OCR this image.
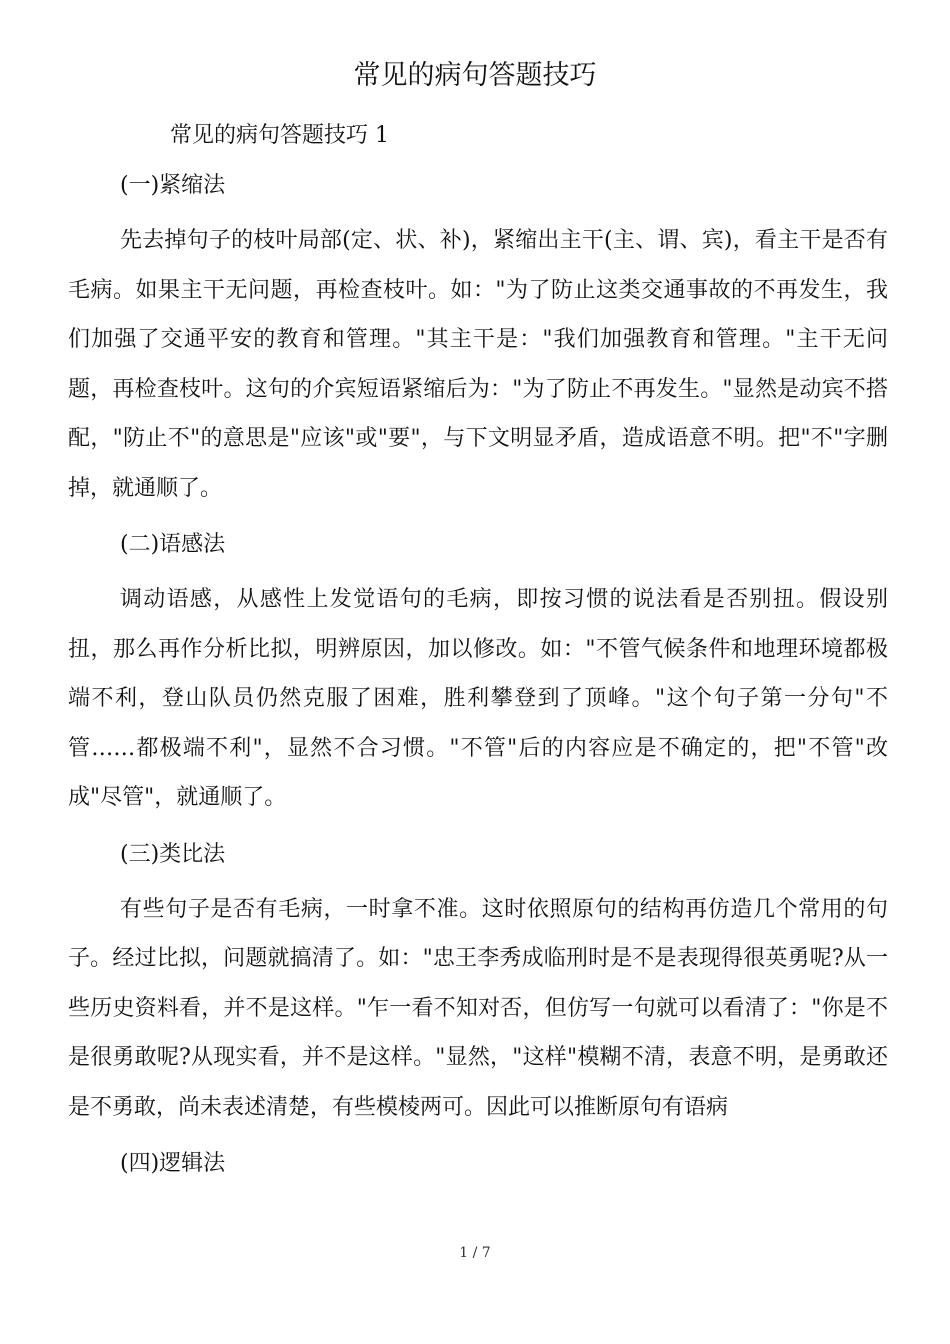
常见的病句答题技巧
常见的病句答题技巧 1
(一)紧缩法

先去掉句子的枝叶局部(定、状、补)，紧缩出主干(主、谓、宾)，看主干是否有毛病。如果主干无问题，再检查枝叶。如："为了防止这类交通事故的不再发生，我们加强了交通平安的教育和管理。"其主干是："我们加强教育和管理。"主干无问题，再检查枝叶。这句的介宾短语紧缩后为："为了防止不再发生。"显然是动宾不搭配，"防止不"的意思是"应该"或"要"，与下文明显矛盾，造成语意不明。把"不"字删掉，就通顺了。

(二)语感法

调动语感，从感性上发觉语句的毛病，即按习惯的说法看是否别扭。假设别扭，那么再作分析比拟，明辨原因，加以修改。如："不管气候条件和地理环境都极端不利，登山队员仍然克服了困难，胜利攀登到了顶峰。"这个句子第一分句"不管……都极端不利"，显然不合习惯。"不管"后的内容应是不确定的，把"不管"改成"尽管"，就通顺了。

(三)类比法

有些句子是否有毛病，一时拿不准。这时依照原句的结构再仿造几个常用的句子。经过比拟，问题就搞清了。如："忠王李秀成临刑时是不是表现得很英勇呢?从一些历史资料看，并不是这样。"乍一看不知对否，但仿写一句就可以看清了："你是不是很勇敢呢?从现实看，并不是这样。"显然，"这样"模糊不清，表意不明，是勇敢还是不勇敢，尚未表述清楚，有些模棱两可。因此可以推断原句有语病

(四)逻辑法
1 / 7
